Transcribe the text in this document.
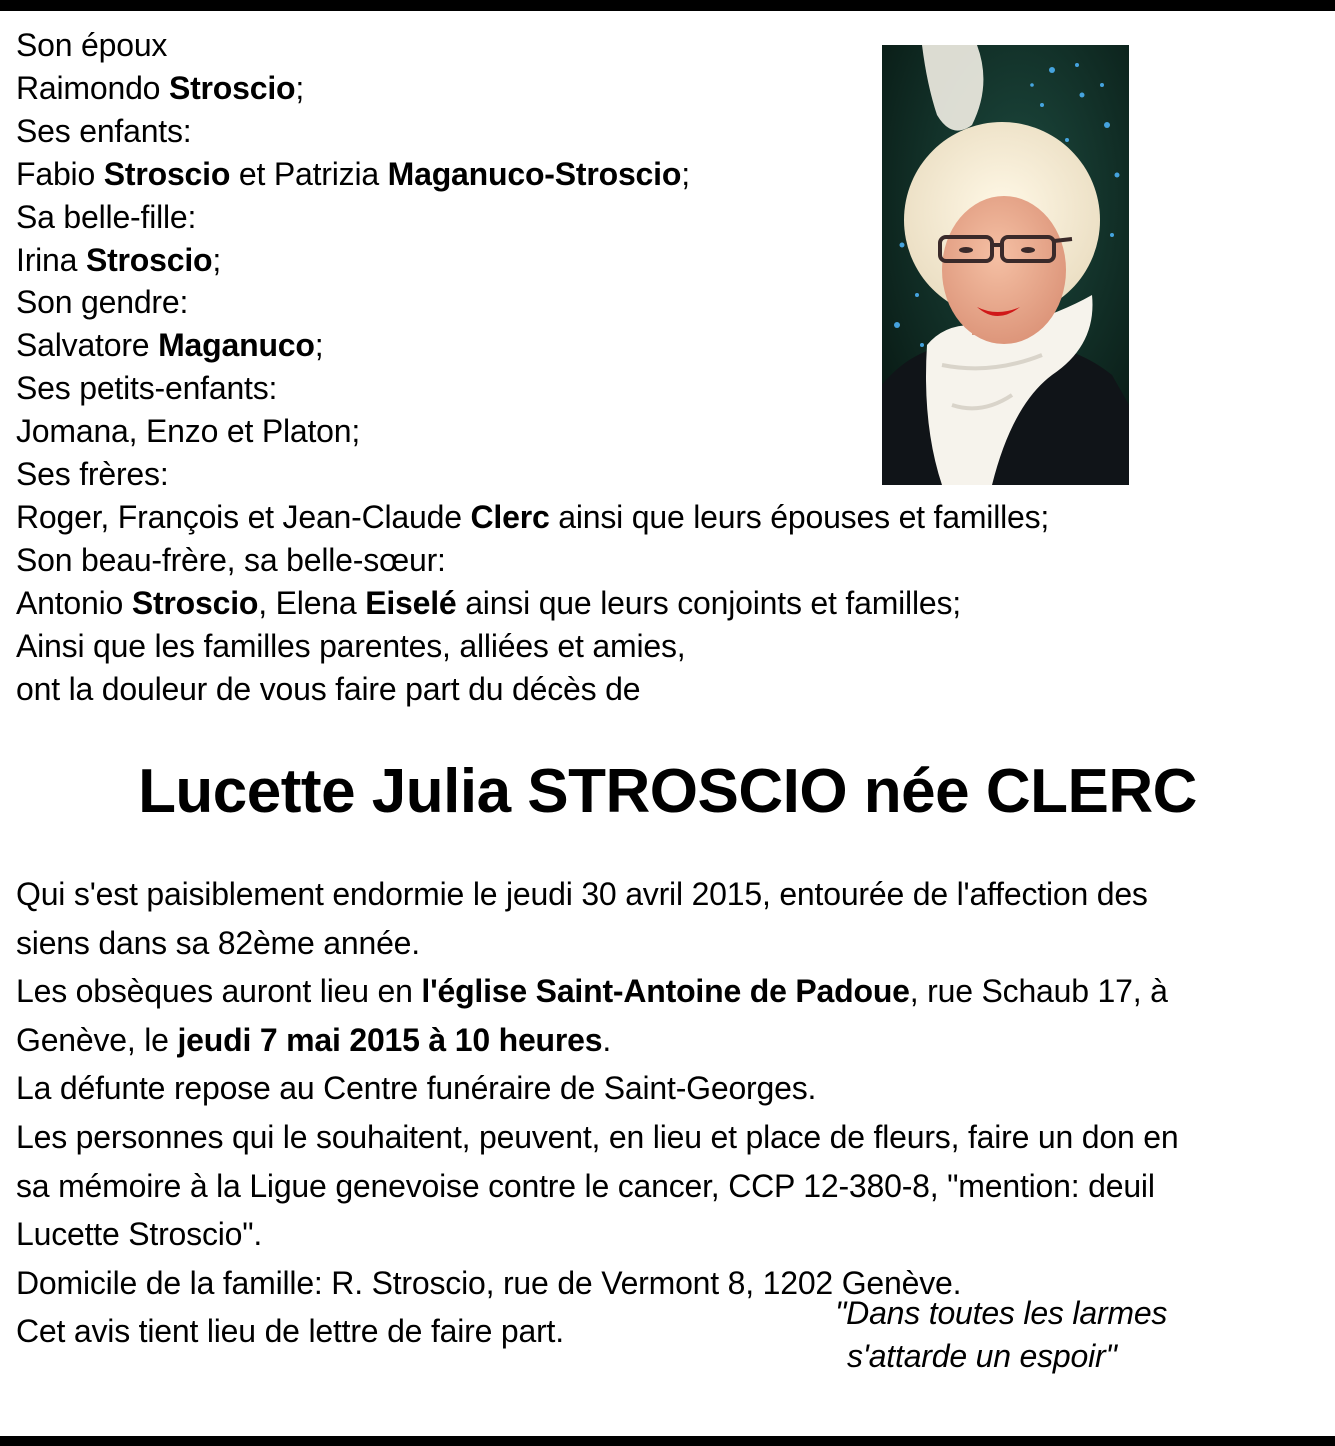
Son époux
Raimondo Stroscio;
Ses enfants:
Fabio Stroscio et Patrizia Maganuco-Stroscio;
Sa belle-fille:
Irina Stroscio;
Son gendre:
Salvatore Maganuco;
Ses petits-enfants:
Jomana, Enzo et Platon;
Ses frères:
Roger, François et Jean-Claude Clerc ainsi que leurs épouses et familles;
Son beau-frère, sa belle-sœur:
Antonio Stroscio, Elena Eiselé ainsi que leurs conjoints et familles;
Ainsi que les familles parentes, alliées et amies,
ont la douleur de vous faire part du décès de
Lucette Julia STROSCIO née CLERC
Qui s'est paisiblement endormie le jeudi 30 avril 2015, entourée de l'affection des
siens dans sa 82ème année.
Les obsèques auront lieu en l'église Saint-Antoine de Padoue, rue Schaub 17, à
Genève, le jeudi 7 mai 2015 à 10 heures.
La défunte repose au Centre funéraire de Saint-Georges.
Les personnes qui le souhaitent, peuvent, en lieu et place de fleurs, faire un don en
sa mémoire à la Ligue genevoise contre le cancer, CCP 12-380-8, "mention: deuil
Lucette Stroscio".
Domicile de la famille: R. Stroscio, rue de Vermont 8, 1202 Genève.
Cet avis tient lieu de lettre de faire part.
"Dans toutes les larmes
s'attarde un espoir"
